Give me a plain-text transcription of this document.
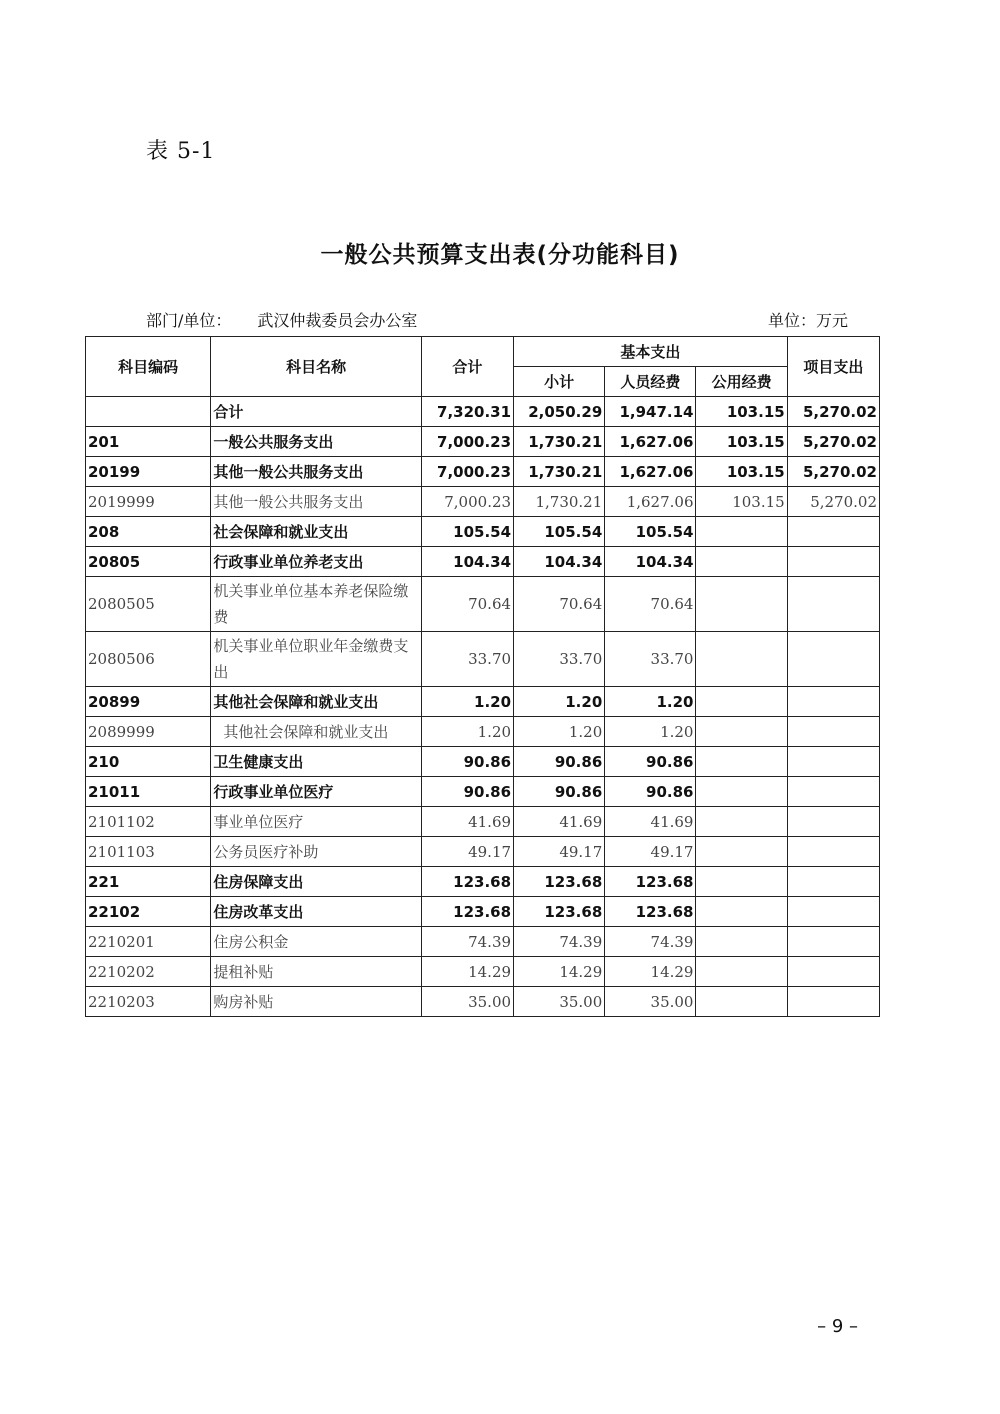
表 5-1
一般公共预算支出表(分功能科目)
部门/单位： 武汉仲裁委员会办公室	单位：万元
科目编码	科目名称	合计	基本支出			项目支出
			小计	人员经费	公用经费	
	合计	7,320.31	2,050.29	1,947.14	103.15	5,270.02
201	一般公共服务支出	7,000.23	1,730.21	1,627.06	103.15	5,270.02
20199	其他一般公共服务支出	7,000.23	1,730.21	1,627.06	103.15	5,270.02
2019999	其他一般公共服务支出	7,000.23	1,730.21	1,627.06	103.15	5,270.02
208	社会保障和就业支出	105.54	105.54	105.54		
20805	行政事业单位养老支出	104.34	104.34	104.34		
2080505	机关事业单位基本养老保险缴费	70.64	70.64	70.64		
2080506	机关事业单位职业年金缴费支出	33.70	33.70	33.70		
20899	其他社会保障和就业支出	1.20	1.20	1.20		
2089999	其他社会保障和就业支出	1.20	1.20	1.20		
210	卫生健康支出	90.86	90.86	90.86		
21011	行政事业单位医疗	90.86	90.86	90.86		
2101102	事业单位医疗	41.69	41.69	41.69		
2101103	公务员医疗补助	49.17	49.17	49.17		
221	住房保障支出	123.68	123.68	123.68		
22102	住房改革支出	123.68	123.68	123.68		
2210201	住房公积金	74.39	74.39	74.39		
2210202	提租补贴	14.29	14.29	14.29		
2210203	购房补贴	35.00	35.00	35.00		
– 9 –
